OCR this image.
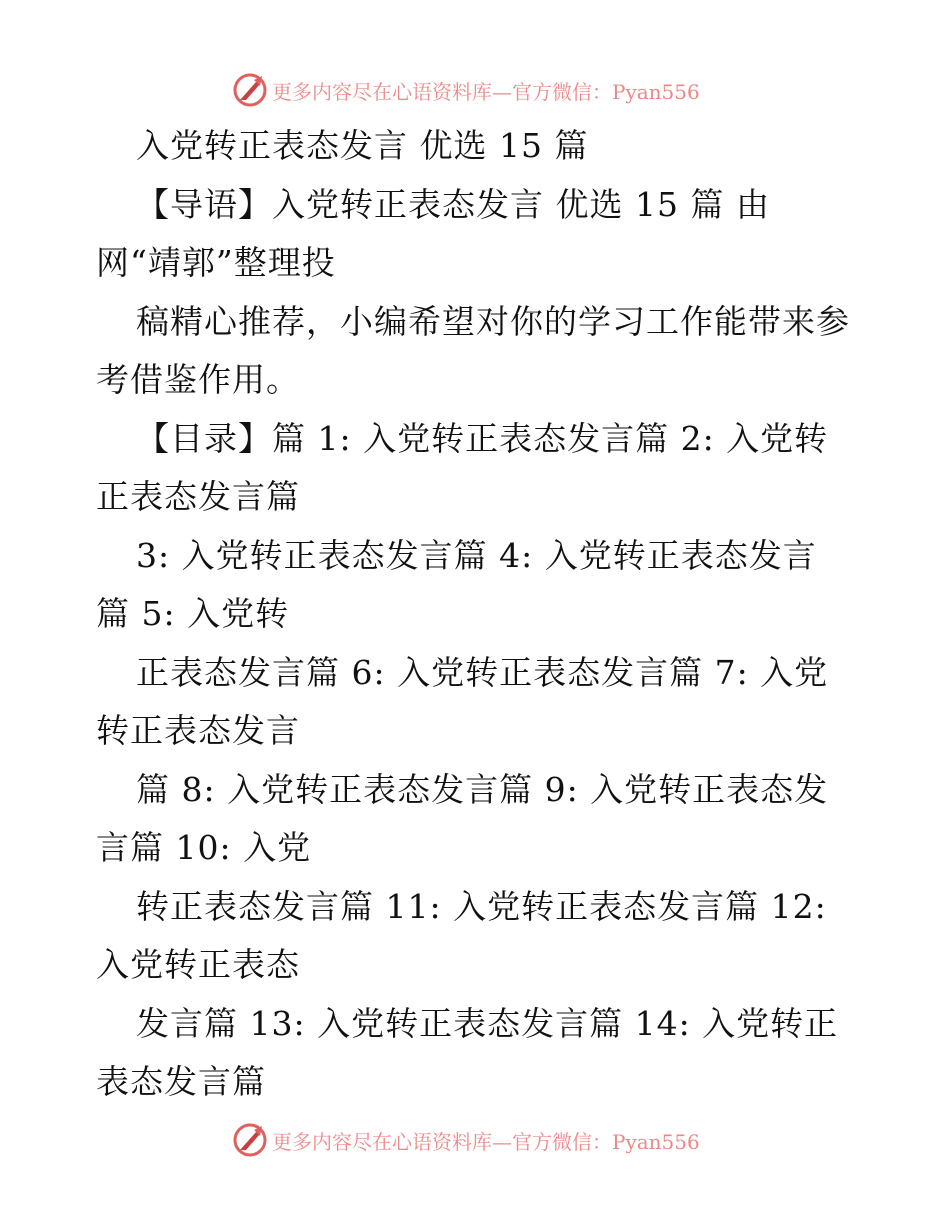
更多内容尽在心语资料库—官方微信：Pyan556
入党转正表态发言 优选 15 篇
【导语】入党转正表态发言 优选 15 篇 由
网“靖郭”整理投
稿精心推荐，小编希望对你的学习工作能带来参
考借鉴作用。
【目录】篇 1: 入党转正表态发言篇 2: 入党转
正表态发言篇
3: 入党转正表态发言篇 4: 入党转正表态发言
篇 5: 入党转
正表态发言篇 6: 入党转正表态发言篇 7: 入党
转正表态发言
篇 8: 入党转正表态发言篇 9: 入党转正表态发
言篇 10: 入党
转正表态发言篇 11: 入党转正表态发言篇 12:
入党转正表态
发言篇 13: 入党转正表态发言篇 14: 入党转正
表态发言篇
更多内容尽在心语资料库—官方微信：Pyan556
